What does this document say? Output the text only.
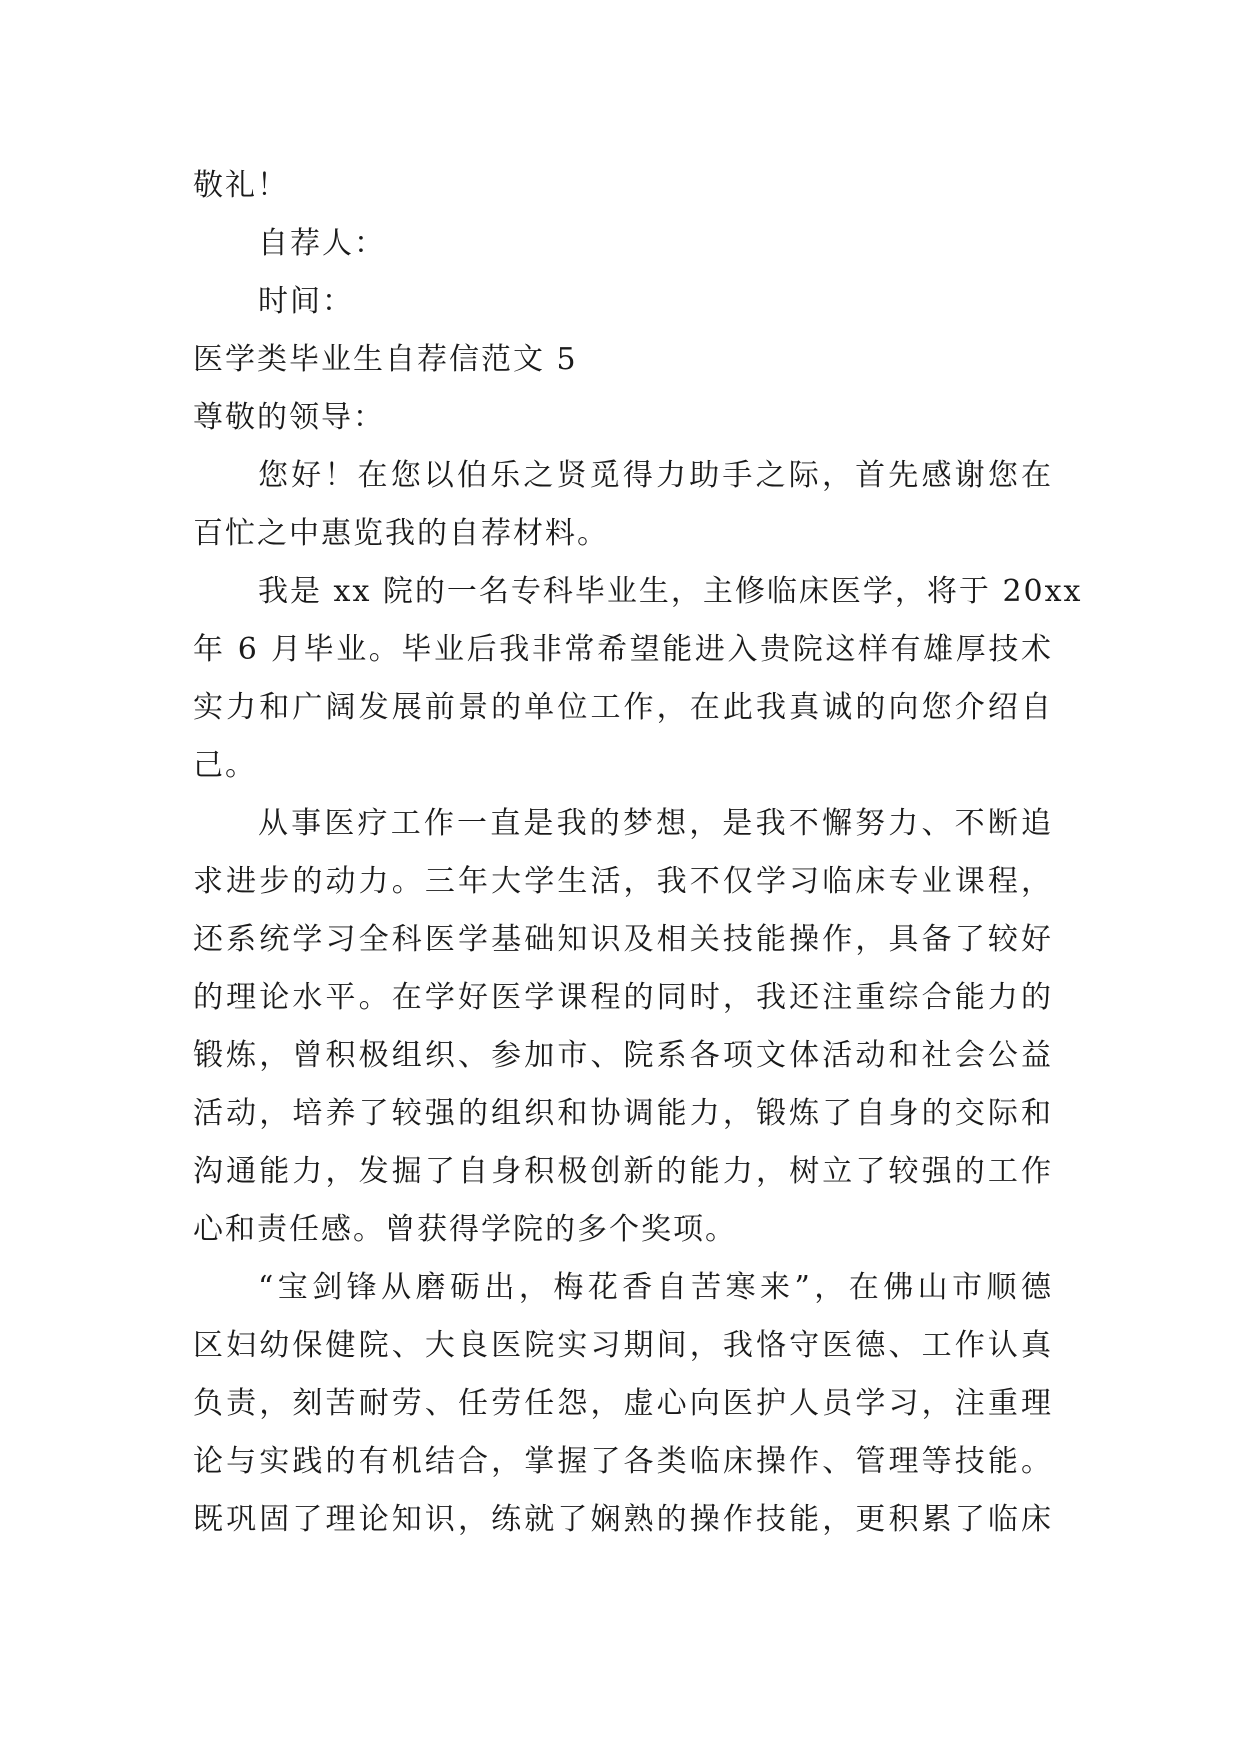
敬礼！
自荐人：
时间：
医学类毕业生自荐信范文 5
尊敬的领导：
您好！在您以伯乐之贤觅得力助手之际，首先感谢您在
百忙之中惠览我的自荐材料。
我是 xx 院的一名专科毕业生，主修临床医学，将于 20xx
年 6 月毕业。毕业后我非常希望能进入贵院这样有雄厚技术
实力和广阔发展前景的单位工作，在此我真诚的向您介绍自
己。
从事医疗工作一直是我的梦想，是我不懈努力、不断追
求进步的动力。三年大学生活，我不仅学习临床专业课程，
还系统学习全科医学基础知识及相关技能操作，具备了较好
的理论水平。在学好医学课程的同时，我还注重综合能力的
锻炼，曾积极组织、参加市、院系各项文体活动和社会公益
活动，培养了较强的组织和协调能力，锻炼了自身的交际和
沟通能力，发掘了自身积极创新的能力，树立了较强的工作
心和责任感。曾获得学院的多个奖项。
“宝剑锋从磨砺出，梅花香自苦寒来”，在佛山市顺德
区妇幼保健院、大良医院实习期间，我恪守医德、工作认真
负责，刻苦耐劳、任劳任怨，虚心向医护人员学习，注重理
论与实践的有机结合，掌握了各类临床操作、管理等技能。
既巩固了理论知识，练就了娴熟的操作技能，更积累了临床
